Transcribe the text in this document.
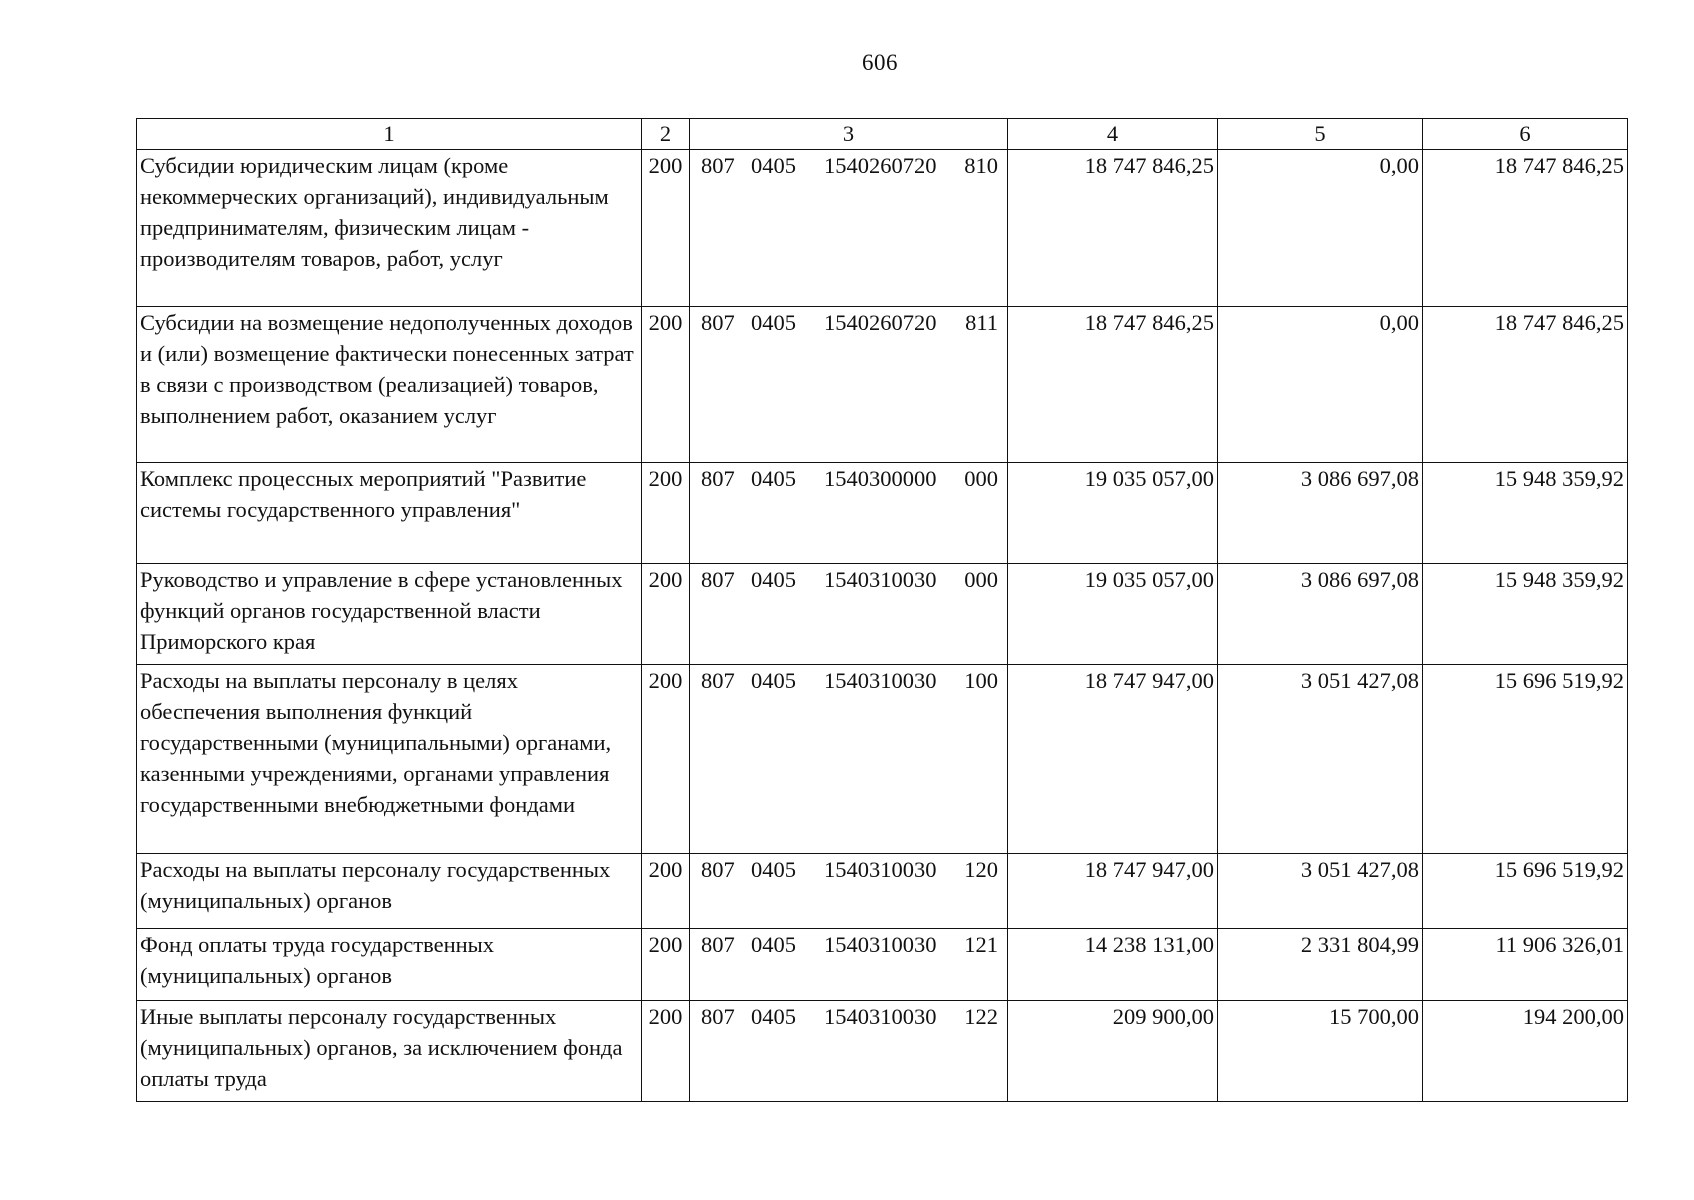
606
1	2	3	4	5	6
Субсидии юридическим лицам (кроме некоммерческих организаций), индивидуальным предпринимателям, физическим лицам - производителям товаров, работ, услуг	200	807 0405 1540260720 810	18 747 846,25	0,00	18 747 846,25
Субсидии на возмещение недополученных доходов и (или) возмещение фактически понесенных затрат в связи с производством (реализацией) товаров, выполнением работ, оказанием услуг	200	807 0405 1540260720 811	18 747 846,25	0,00	18 747 846,25
Комплекс процессных мероприятий "Развитие системы государственного управления"	200	807 0405 1540300000 000	19 035 057,00	3 086 697,08	15 948 359,92
Руководство и управление в сфере установленных функций органов государственной власти Приморского края	200	807 0405 1540310030 000	19 035 057,00	3 086 697,08	15 948 359,92
Расходы на выплаты персоналу в целях обеспечения выполнения функций государственными (муниципальными) органами, казенными учреждениями, органами управления государственными внебюджетными фондами	200	807 0405 1540310030 100	18 747 947,00	3 051 427,08	15 696 519,92
Расходы на выплаты персоналу государственных (муниципальных) органов	200	807 0405 1540310030 120	18 747 947,00	3 051 427,08	15 696 519,92
Фонд оплаты труда государственных (муниципальных) органов	200	807 0405 1540310030 121	14 238 131,00	2 331 804,99	11 906 326,01
Иные выплаты персоналу государственных (муниципальных) органов, за исключением фонда оплаты труда	200	807 0405 1540310030 122	209 900,00	15 700,00	194 200,00
